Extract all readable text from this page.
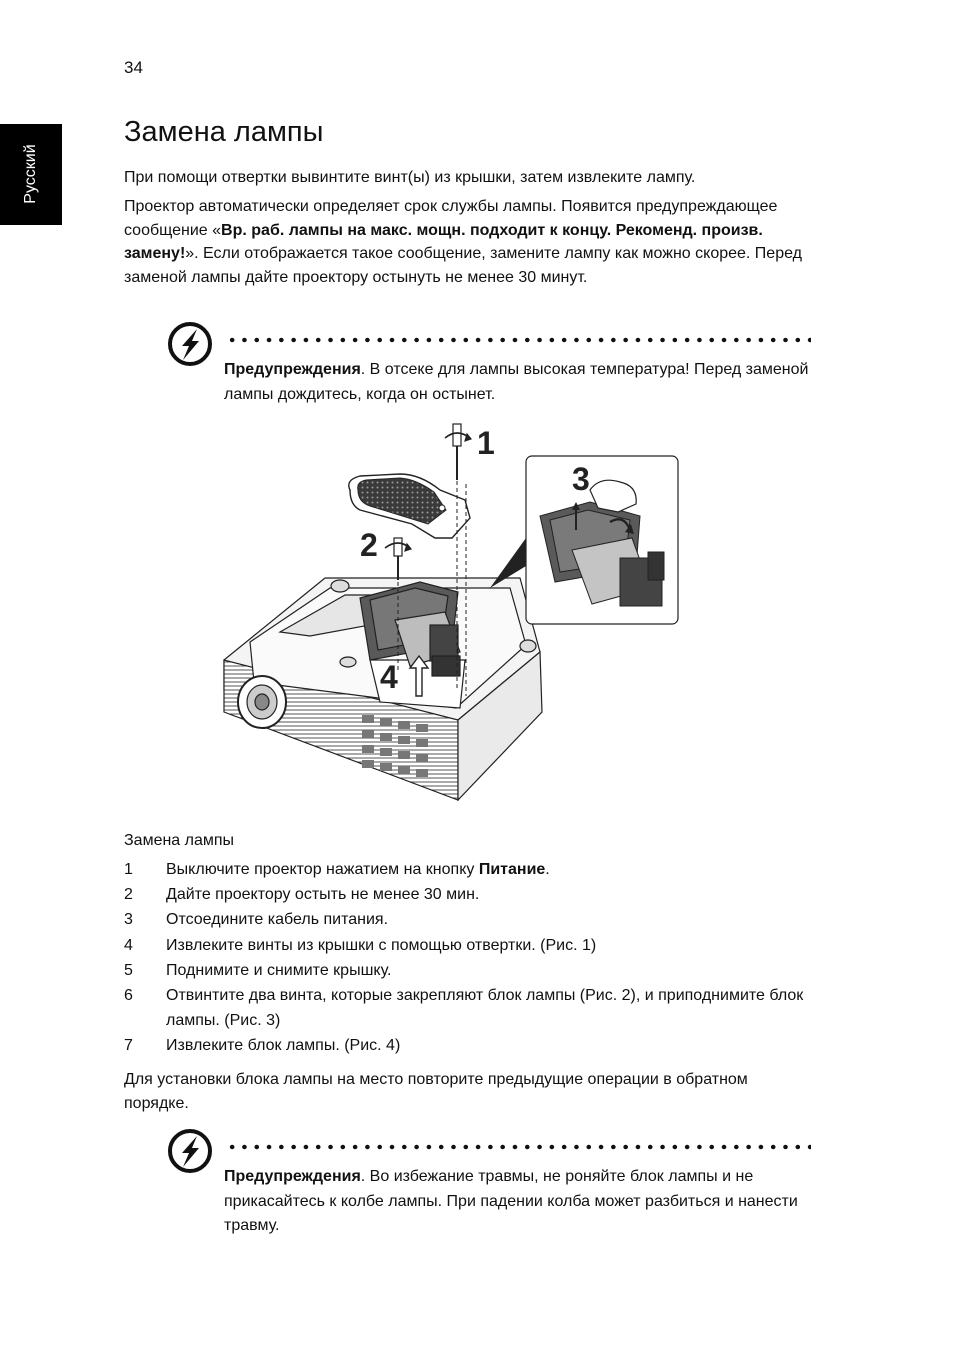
34
Русский
Замена лампы

При помощи отвертки вывинтите винт(ы) из крышки, затем извлеките лампу.

Проектор автоматически определяет срок службы лампы. Появится предупреждающее сообщение «Вр. раб. лампы на макс. мощн. подходит к концу. Рекоменд. произв. замену!». Если отображается такое сообщение, замените лампу как можно скорее. Перед заменой лампы дайте проектору остынуть не менее 30 минут.

Предупреждения. В отсеке для лампы высокая температура! Перед заменой лампы дождитесь, когда он остынет.

1
2
3
4
Замена лампы
1 Выключите проектор нажатием на кнопку Питание.
2 Дайте проектору остыть не менее 30 мин.
3 Отсоедините кабель питания.
4 Извлеките винты из крышки с помощью отвертки. (Рис. 1)
5 Поднимите и снимите крышку.
6 Отвинтите два винта, которые закрепляют блок лампы (Рис. 2), и приподнимите блок лампы. (Рис. 3)
7 Извлеките блок лампы. (Рис. 4)

Для установки блока лампы на место повторите предыдущие операции в обратном порядке.

Предупреждения. Во избежание травмы, не роняйте блок лампы и не прикасайтесь к колбе лампы. При падении колба может разбиться и нанести травму.
